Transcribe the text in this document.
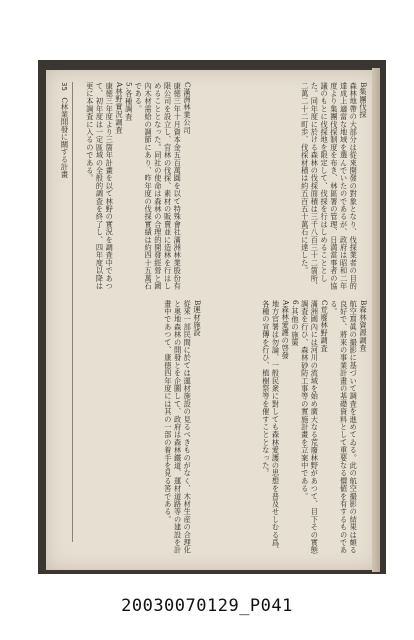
35 C林業開發に關する計畫	B集團伐採
森林地帶の大部分は從來開發の對象となり、伐採業者の目的達成上適當な地域を選んでいたのであるが、政府は昭和二年度より集團伐採制度を布き、林區署の管理、日満當事者の協議のもとに伐採地を限定して、伐採を行はしめることとした。同年度に於ける森林の伐採面積は三千八百三十二箇所、二萬二十二町歩、伐採材積は約五百五十萬石に達した。
C滿洲林業公司
康徳三年十月資本金五百萬圓を以て特殊會社滿洲林業股份有限公司を設立し、官林の伐採、素材の販賣並に造林を行はしめることとなった。同社の使命は森林の合理的開發經營と國內木材需給の調節にあり、昨年度の伐採實績は約四十五萬石である。
5.各種調査
A林野實況調査
康徳三年度より三箇年計畫を以て林野の實況を調査中であつて、初年度は一定區域の全般的調査を終了し、四年度以降は更に本調査に入るのである。
B森林資源調査
航空寫眞の撮影に基づいて調査を進めてゐる。此の航空撮影の結果は頗る良好で、將來の事業計畫の基礎資料として重要なる價値を有するものである。
C荒廢林野調査
滿洲國內には河川の流域を始め廣大なる荒廢林野があつて、目下その實態調査を行ひ、森林砂防工事等の實施計畫を立案中である。
6.其他の施策
A森林愛護の啓發
地方官署は勿論、一般民衆に對しても森林愛護の思想を普及せしむる爲、各種の宣傳を行ひ、植樹祭等を催すこととなった。
B運材施設
從來一部民間に於ては運材施設の見るべきものがなく、木材生産の合理化と奥地森林の開發とを企圖して、政府は森林鐵道、運材道路等の建設を計畫中であつて、康徳四年度には其の一部の着手を見る筈である。
20030070129_P041
